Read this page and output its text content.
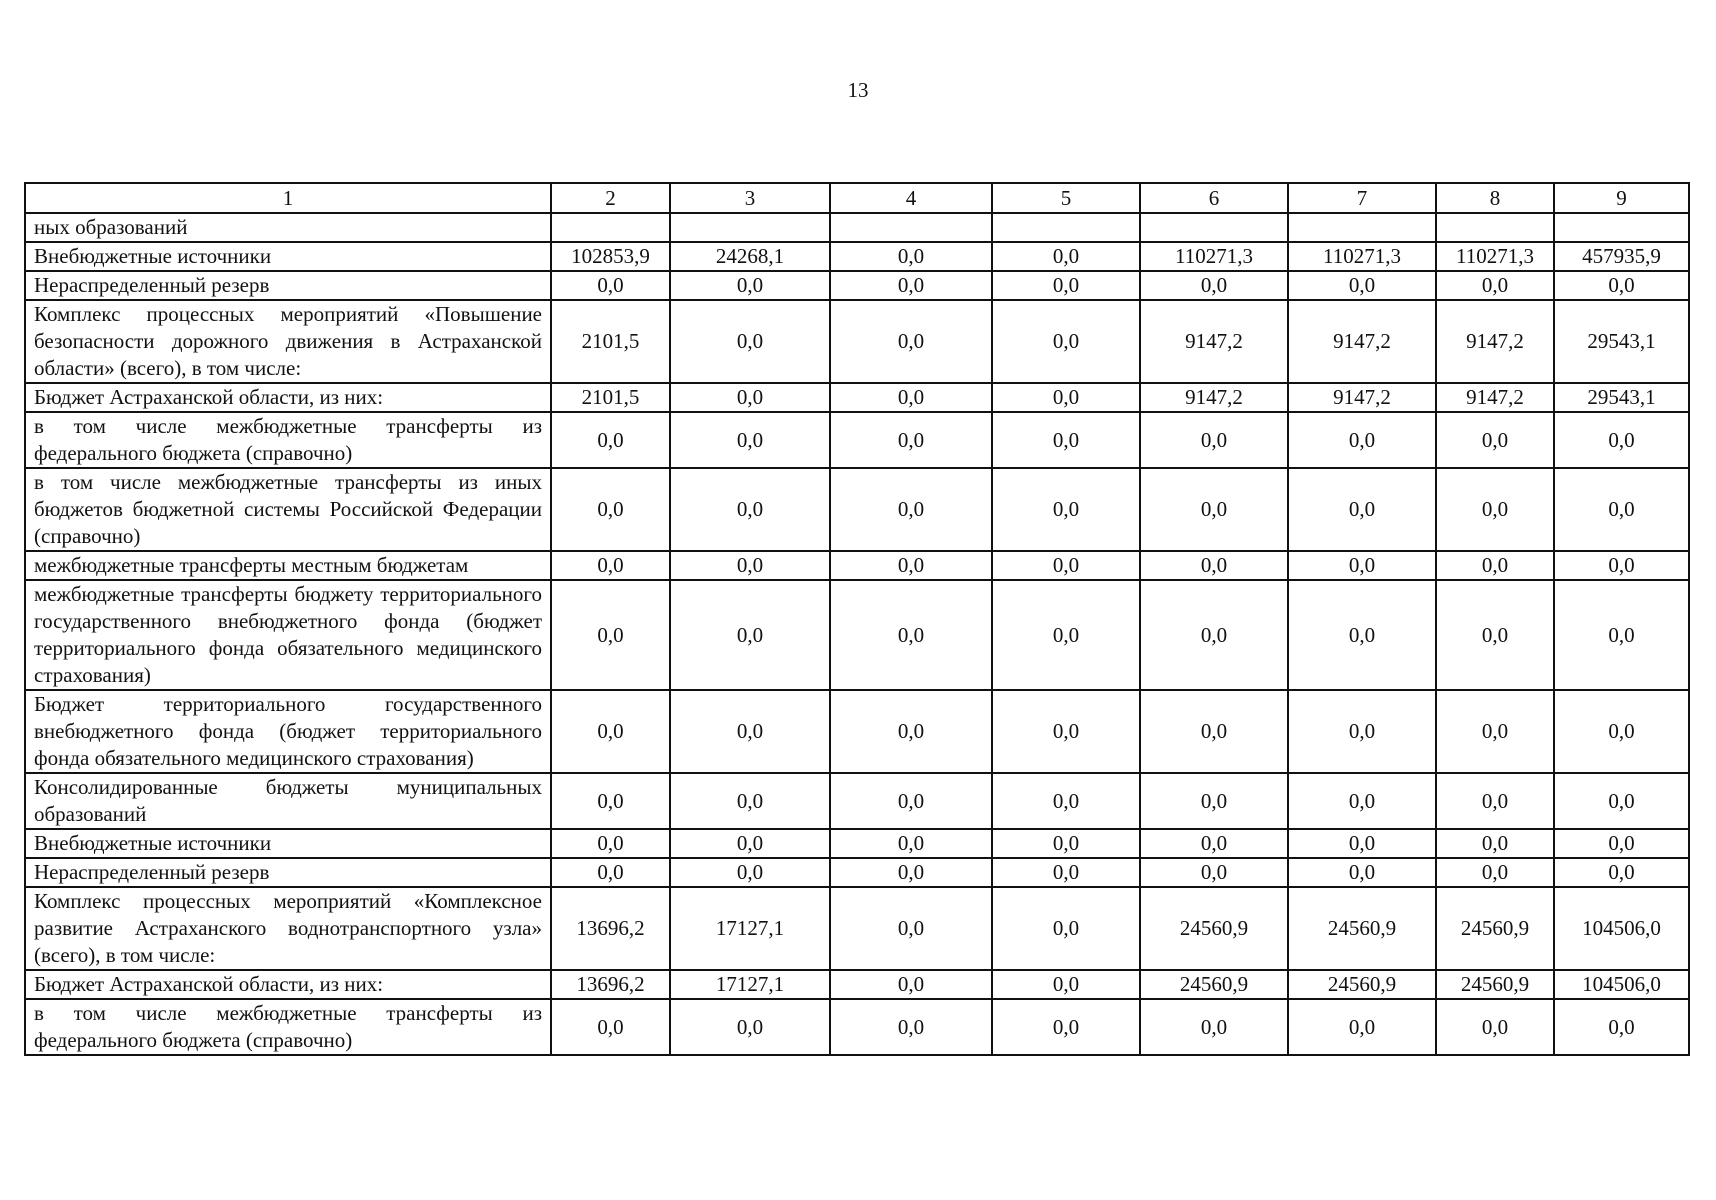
13
1	2	3	4	5	6	7	8	9
ных образований								
Внебюджетные источники	102853,9	24268,1	0,0	0,0	110271,3	110271,3	110271,3	457935,9
Нераспределенный резерв	0,0	0,0	0,0	0,0	0,0	0,0	0,0	0,0
Комплекс процессных мероприятий «Повышение безопасности дорожного движения в Астраханской области» (всего), в том числе:	2101,5	0,0	0,0	0,0	9147,2	9147,2	9147,2	29543,1
Бюджет Астраханской области, из них:	2101,5	0,0	0,0	0,0	9147,2	9147,2	9147,2	29543,1
в том числе межбюджетные трансферты из федерального бюджета (справочно)	0,0	0,0	0,0	0,0	0,0	0,0	0,0	0,0
в том числе межбюджетные трансферты из иных бюджетов бюджетной системы Российской Федерации (справочно)	0,0	0,0	0,0	0,0	0,0	0,0	0,0	0,0
межбюджетные трансферты местным бюджетам	0,0	0,0	0,0	0,0	0,0	0,0	0,0	0,0
межбюджетные трансферты бюджету территориального государственного внебюджетного фонда (бюджет территориального фонда обязательного медицинского страхования)	0,0	0,0	0,0	0,0	0,0	0,0	0,0	0,0
Бюджет территориального государственного внебюджетного фонда (бюджет территориального фонда обязательного медицинского страхования)	0,0	0,0	0,0	0,0	0,0	0,0	0,0	0,0
Консолидированные бюджеты муниципальных образований	0,0	0,0	0,0	0,0	0,0	0,0	0,0	0,0
Внебюджетные источники	0,0	0,0	0,0	0,0	0,0	0,0	0,0	0,0
Нераспределенный резерв	0,0	0,0	0,0	0,0	0,0	0,0	0,0	0,0
Комплекс процессных мероприятий «Комплексное развитие Астраханского воднотранспортного узла» (всего), в том числе:	13696,2	17127,1	0,0	0,0	24560,9	24560,9	24560,9	104506,0
Бюджет Астраханской области, из них:	13696,2	17127,1	0,0	0,0	24560,9	24560,9	24560,9	104506,0
в том числе межбюджетные трансферты из федерального бюджета (справочно)	0,0	0,0	0,0	0,0	0,0	0,0	0,0	0,0
